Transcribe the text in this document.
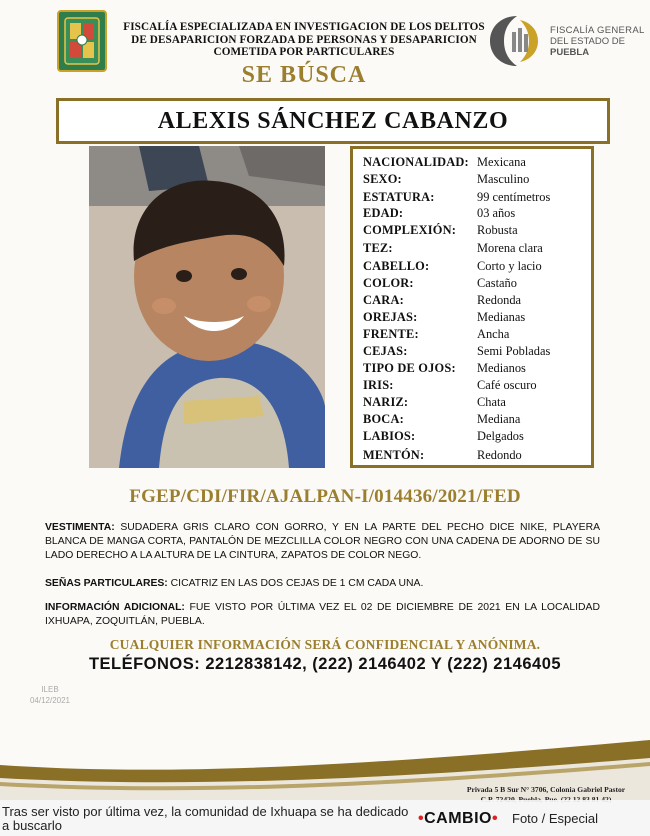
FISCALÍA ESPECIALIZADA EN INVESTIGACION DE LOS DELITOS
DE DESAPARICION FORZADA DE PERSONAS Y DESAPARICION
COMETIDA POR PARTICULARES
SE BÚSCA
FISCALÍA GENERAL
DEL ESTADO DE
PUEBLA
ALEXIS SÁNCHEZ CABANZO
NACIONALIDAD: Mexicana
SEXO:	Masculino
ESTATURA:	99 centímetros
EDAD:	03 años
COMPLEXIÓN: Robusta
TEZ:	Morena clara
CABELLO:	Corto y lacio
COLOR:	Castaño
CARA:	Redonda
OREJAS:	Medianas
FRENTE:	Ancha
CEJAS:	Semi Pobladas
TIPO DE OJOS: Medianos
IRIS:	Café oscuro
NARIZ:	Chata
BOCA:	Mediana
LABIOS:	Delgados
MENTÓN:	Redondo
FGEP/CDI/FIR/AJALPAN-I/014436/2021/FED
VESTIMENTA: SUDADERA GRIS CLARO CON GORRO, Y EN LA PARTE DEL PECHO DICE NIKE, PLAYERA BLANCA DE MANGA CORTA, PANTALÓN DE MEZCLILLA COLOR NEGRO CON UNA CADENA DE ADORNO DE SU LADO DERECHO A LA ALTURA DE LA CINTURA, ZAPATOS DE COLOR NEGO.
SEÑAS PARTICULARES: CICATRIZ EN LAS DOS CEJAS DE 1 CM CADA UNA.
INFORMACIÓN ADICIONAL: FUE VISTO POR ÚLTIMA VEZ EL 02 DE DICIEMBRE DE 2021 EN LA LOCALIDAD IXHUAPA, ZOQUITLÁN, PUEBLA.
CUALQUIER INFORMACIÓN SERÁ CONFIDENCIAL Y ANÓNIMA.
TELÉFONOS: 2212838142, (222) 2146402 Y (222) 2146405
ILEB
04/12/2021
Privada 5 B Sur N° 3706, Colonia Gabriel Pastor
Tras ser visto por última vez, la comunidad de Ixhuapa se ha dedicado a buscarlo	•CAMBIO• Foto / Especial
